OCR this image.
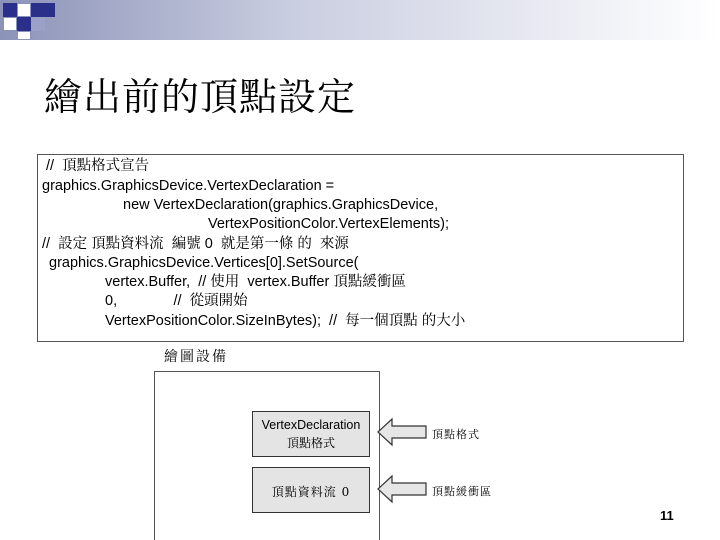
繪出前的頂點設定
//  頂點格式宣告
graphics.GraphicsDevice.VertexDeclaration =
new VertexDeclaration(graphics.GraphicsDevice,
VertexPositionColor.VertexElements);
//  設定 頂點資料流  編號 0  就是第一條 的  來源
graphics.GraphicsDevice.Vertices[0].SetSource(
vertex.Buffer,  // 使用  vertex.Buffer 頂點緩衝區
0,              //  從頭開始
VertexPositionColor.SizeInBytes);  //  每一個頂點 的大小
繪圖設備
VertexDeclaration
頂點格式
頂點資料流 0
頂點格式
頂點緩衝區
11
